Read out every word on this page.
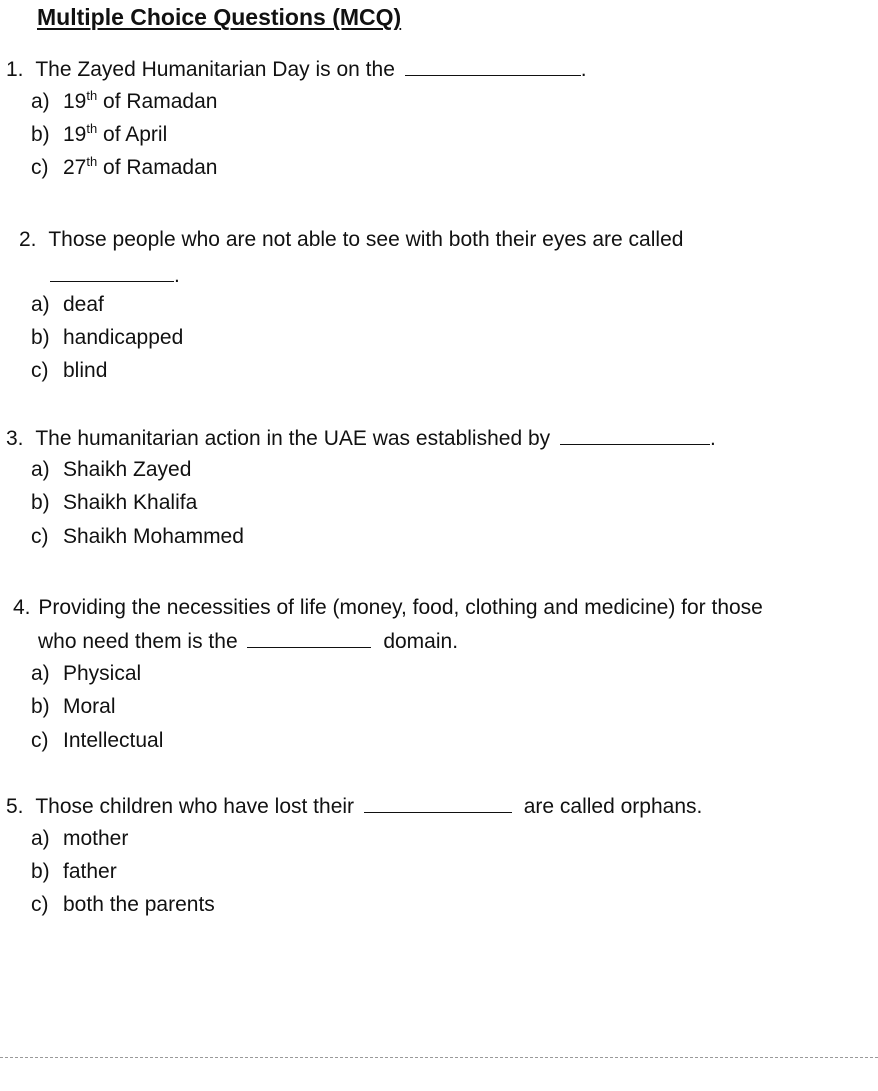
Multiple Choice Questions (MCQ)
1. The Zayed Humanitarian Day is on the	.
a) 19th of Ramadan
b) 19th of April
c) 27th of Ramadan
2. Those people who are not able to see with both their eyes are called
.
a) deaf
b) handicapped
c) blind
3. The humanitarian action in the UAE was established by	.
a) Shaikh Zayed
b) Shaikh Khalifa
c) Shaikh Mohammed
4. Providing the necessities of life (money, food, clothing and medicine) for those
who need them is the	domain.
a) Physical
b) Moral
c) Intellectual
5. Those children who have lost their	are called orphans.
a) mother
b) father
c) both the parents
